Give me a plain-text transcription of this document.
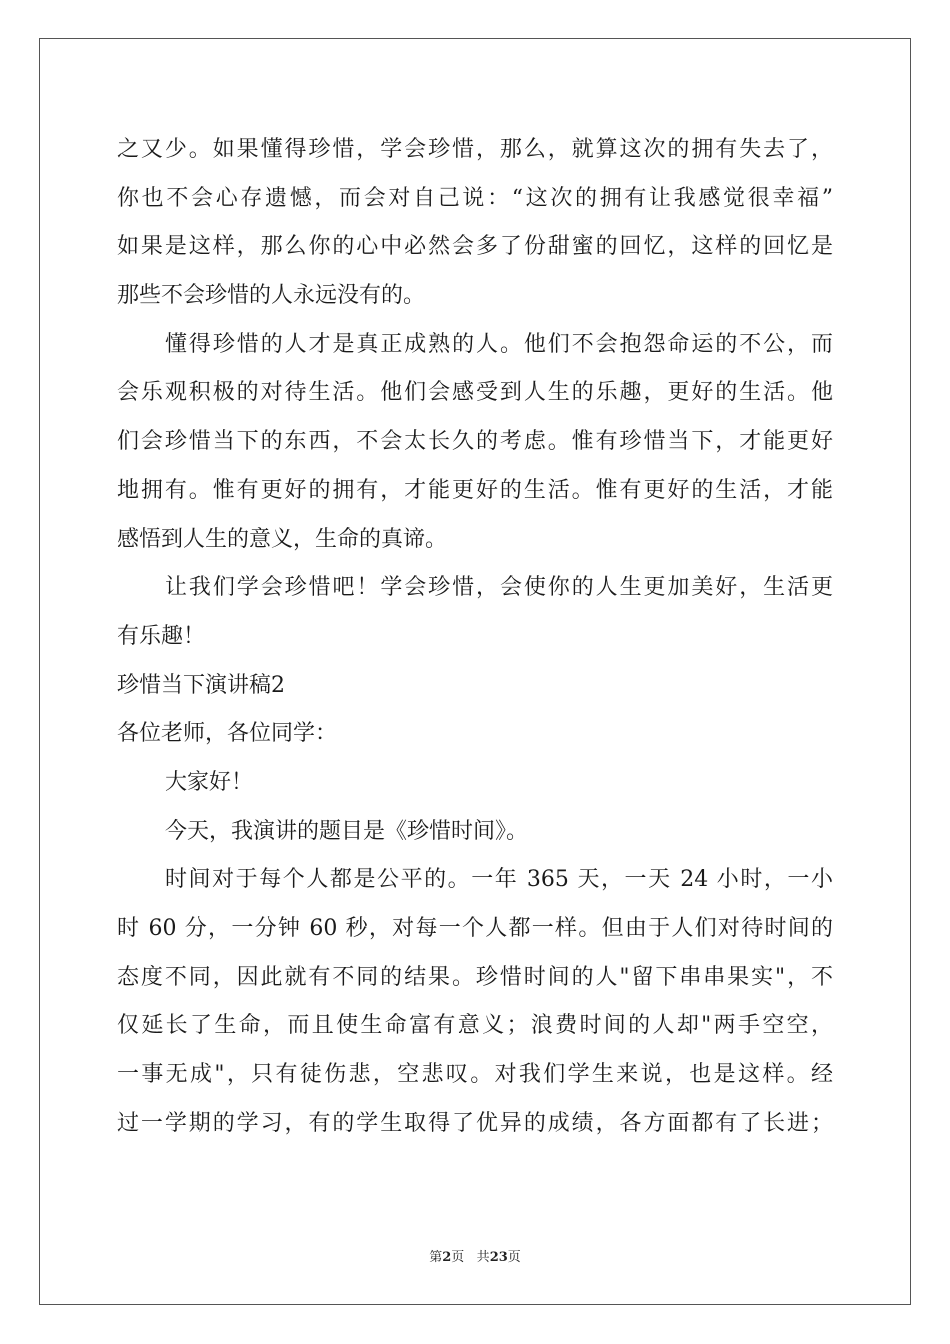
之又少。如果懂得珍惜，学会珍惜，那么，就算这次的拥有失去了，
你也不会心存遗憾，而会对自己说：“这次的拥有让我感觉很幸福”
如果是这样，那么你的心中必然会多了份甜蜜的回忆，这样的回忆是
那些不会珍惜的人永远没有的。
懂得珍惜的人才是真正成熟的人。他们不会抱怨命运的不公，而
会乐观积极的对待生活。他们会感受到人生的乐趣，更好的生活。他
们会珍惜当下的东西，不会太长久的考虑。惟有珍惜当下，才能更好
地拥有。惟有更好的拥有，才能更好的生活。惟有更好的生活，才能
感悟到人生的意义，生命的真谛。
让我们学会珍惜吧！学会珍惜，会使你的人生更加美好，生活更
有乐趣！
珍惜当下演讲稿2
各位老师，各位同学：
大家好！
今天，我演讲的题目是《珍惜时间》。
时间对于每个人都是公平的。一年 365 天，一天 24 小时，一小
时 60 分，一分钟 60 秒，对每一个人都一样。但由于人们对待时间的
态度不同，因此就有不同的结果。珍惜时间的人"留下串串果实"，不
仅延长了生命，而且使生命富有意义；浪费时间的人却"两手空空，
一事无成"，只有徒伤悲，空悲叹。对我们学生来说，也是这样。经
过一学期的学习，有的学生取得了优异的成绩，各方面都有了长进；
第2页 共23页
